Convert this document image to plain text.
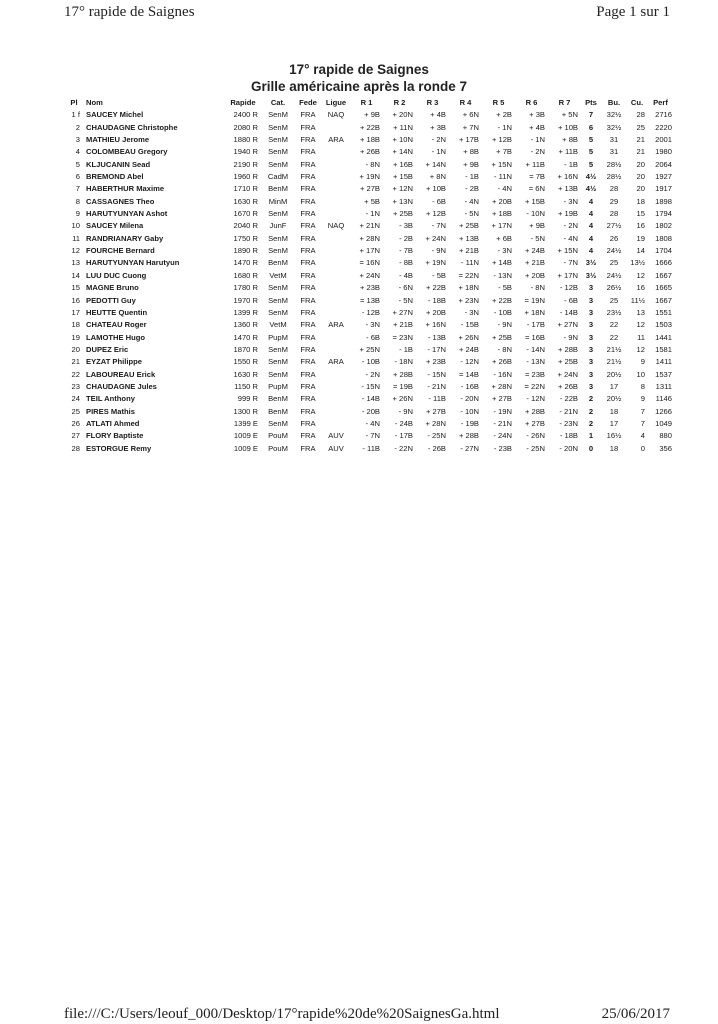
17° rapide de Saignes	Page 1 sur 1
17° rapide de Saignes
Grille américaine après la ronde 7
Pl	Nom	Rapide	Cat.	Fede	Ligue	R 1	R 2	R 3	R 4	R 5	R 6	R 7	Pts	Bu.	Cu.	Perf
1 f	SAUCEY Michel	2400 R	SenM	FRA	NAQ	+ 9B	+ 20N	+ 4B	+ 6N	+ 2B	+ 3B	+ 5N	7	32½	28	2716
2	CHAUDAGNE Christophe	2080 R	SenM	FRA		+ 22B	+ 11N	+ 3B	+ 7N	- 1N	+ 4B	+ 10B	6	32½	25	2220
3	MATHIEU Jerome	1880 R	SenM	FRA	ARA	+ 18B	+ 10N	- 2N	+ 17B	+ 12B	- 1N	+ 8B	5	31	21	2001
4	COLOMBEAU Gregory	1940 R	SenM	FRA		+ 26B	+ 14N	- 1N	+ 8B	+ 7B	- 2N	+ 11B	5	31	21	1980
5	KLJUCANIN Sead	2190 R	SenM	FRA		- 8N	+ 16B	+ 14N	+ 9B	+ 15N	+ 11B	- 1B	5	28½	20	2064
6	BREMOND Abel	1960 R	CadM	FRA		+ 19N	+ 15B	+ 8N	- 1B	- 11N	= 7B	+ 16N	4½	28½	20	1927
7	HABERTHUR Maxime	1710 R	BenM	FRA		+ 27B	+ 12N	+ 10B	- 2B	- 4N	= 6N	+ 13B	4½	28	20	1917
8	CASSAGNES Theo	1630 R	MinM	FRA		+ 5B	+ 13N	- 6B	- 4N	+ 20B	+ 15B	- 3N	4	29	18	1898
9	HARUTYUNYAN Ashot	1670 R	SenM	FRA		- 1N	+ 25B	+ 12B	- 5N	+ 18B	- 10N	+ 19B	4	28	15	1794
10	SAUCEY Milena	2040 R	JunF	FRA	NAQ	+ 21N	- 3B	- 7N	+ 25B	+ 17N	+ 9B	- 2N	4	27½	16	1802
11	RANDRIANARY Gaby	1750 R	SenM	FRA		+ 28N	- 2B	+ 24N	+ 13B	+ 6B	- 5N	- 4N	4	26	19	1808
12	FOURCHE Bernard	1890 R	SenM	FRA		+ 17N	- 7B	- 9N	+ 21B	- 3N	+ 24B	+ 15N	4	24½	14	1704
13	HARUTYUNYAN Harutyun	1470 R	BenM	FRA		= 16N	- 8B	+ 19N	- 11N	+ 14B	+ 21B	- 7N	3½	25	13½	1666
14	LUU DUC Cuong	1680 R	VetM	FRA		+ 24N	- 4B	- 5B	= 22N	- 13N	+ 20B	+ 17N	3½	24½	12	1667
15	MAGNE Bruno	1780 R	SenM	FRA		+ 23B	- 6N	+ 22B	+ 18N	- 5B	- 8N	- 12B	3	26½	16	1665
16	PEDOTTI Guy	1970 R	SenM	FRA		= 13B	- 5N	- 18B	+ 23N	+ 22B	= 19N	- 6B	3	25	11½	1667
17	HEUTTE Quentin	1399 R	SenM	FRA		- 12B	+ 27N	+ 20B	- 3N	- 10B	+ 18N	- 14B	3	23½	13	1551
18	CHATEAU Roger	1360 R	VetM	FRA	ARA	- 3N	+ 21B	+ 16N	- 15B	- 9N	- 17B	+ 27N	3	22	12	1503
19	LAMOTHE Hugo	1470 R	PupM	FRA		- 6B	= 23N	- 13B	+ 26N	+ 25B	= 16B	- 9N	3	22	11	1441
20	DUPEZ Eric	1870 R	SenM	FRA		+ 25N	- 1B	- 17N	+ 24B	- 8N	- 14N	+ 28B	3	21½	12	1581
21	EYZAT Philippe	1550 R	SenM	FRA	ARA	- 10B	- 18N	+ 23B	- 12N	+ 26B	- 13N	+ 25B	3	21½	9	1411
22	LABOUREAU Erick	1630 R	SenM	FRA		- 2N	+ 28B	- 15N	= 14B	- 16N	= 23B	+ 24N	3	20½	10	1537
23	CHAUDAGNE Jules	1150 R	PupM	FRA		- 15N	= 19B	- 21N	- 16B	+ 28N	= 22N	+ 26B	3	17	8	1311
24	TEIL Anthony	999 R	BenM	FRA		- 14B	+ 26N	- 11B	- 20N	+ 27B	- 12N	- 22B	2	20½	9	1146
25	PIRES Mathis	1300 R	BenM	FRA		- 20B	- 9N	+ 27B	- 10N	- 19N	+ 28B	- 21N	2	18	7	1266
26	ATLATI Ahmed	1399 E	SenM	FRA		- 4N	- 24B	+ 28N	- 19B	- 21N	+ 27B	- 23N	2	17	7	1049
27	FLORY Baptiste	1009 E	PouM	FRA	AUV	- 7N	- 17B	- 25N	+ 28B	- 24N	- 26N	- 18B	1	16½	4	880
28	ESTORGUE Remy	1009 E	PouM	FRA	AUV	- 11B	- 22N	- 26B	- 27N	- 23B	- 25N	- 20N	0	18	0	356
file:///C:/Users/leouf_000/Desktop/17°rapide%20de%20SaignesGa.html	25/06/2017
